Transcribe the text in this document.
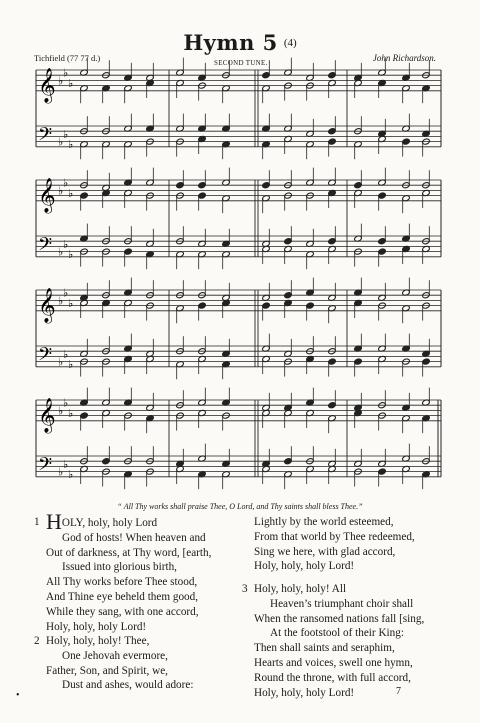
Hymn 5 $^{(4)}$
Tichfield (77 77 d.)	SECOND TUNE.	John Richardson.
𝄞
𝄢
♭
♭
♭
♭
♭
♭
𝄞
𝄢
♭
♭
♭
♭
♭
♭
𝄞
𝄢
♭
♭
♭
♭
♭
♭
𝄞
𝄢
♭
♭
♭
♭
♭
♭
“ All Thy works shall praise Thee, O Lord, and Thy saints shall bless Thee.”
1 HOLY, holy, holy Lord
God of hosts! When heaven and
Out of darkness, at Thy word, [earth,
Issued into glorious birth,
All Thy works before Thee stood,
And Thine eye beheld them good,
While they sang, with one accord,
Holy, holy, holy Lord!
2 Holy, holy, holy! Thee,
One Jehovah evermore,
Father, Son, and Spirit, we,
Dust and ashes, would adore:
Lightly by the world esteemed,
From that world by Thee redeemed,
Sing we here, with glad accord,
Holy, holy, holy Lord!
3 Holy, holy, holy! All
Heaven’s triumphant choir shall
When the ransomed nations fall [sing,
At the footstool of their King:
Then shall saints and seraphim,
Hearts and voices, swell one hymn,
Round the throne, with full accord,
Holy, holy, holy Lord!	7
•
